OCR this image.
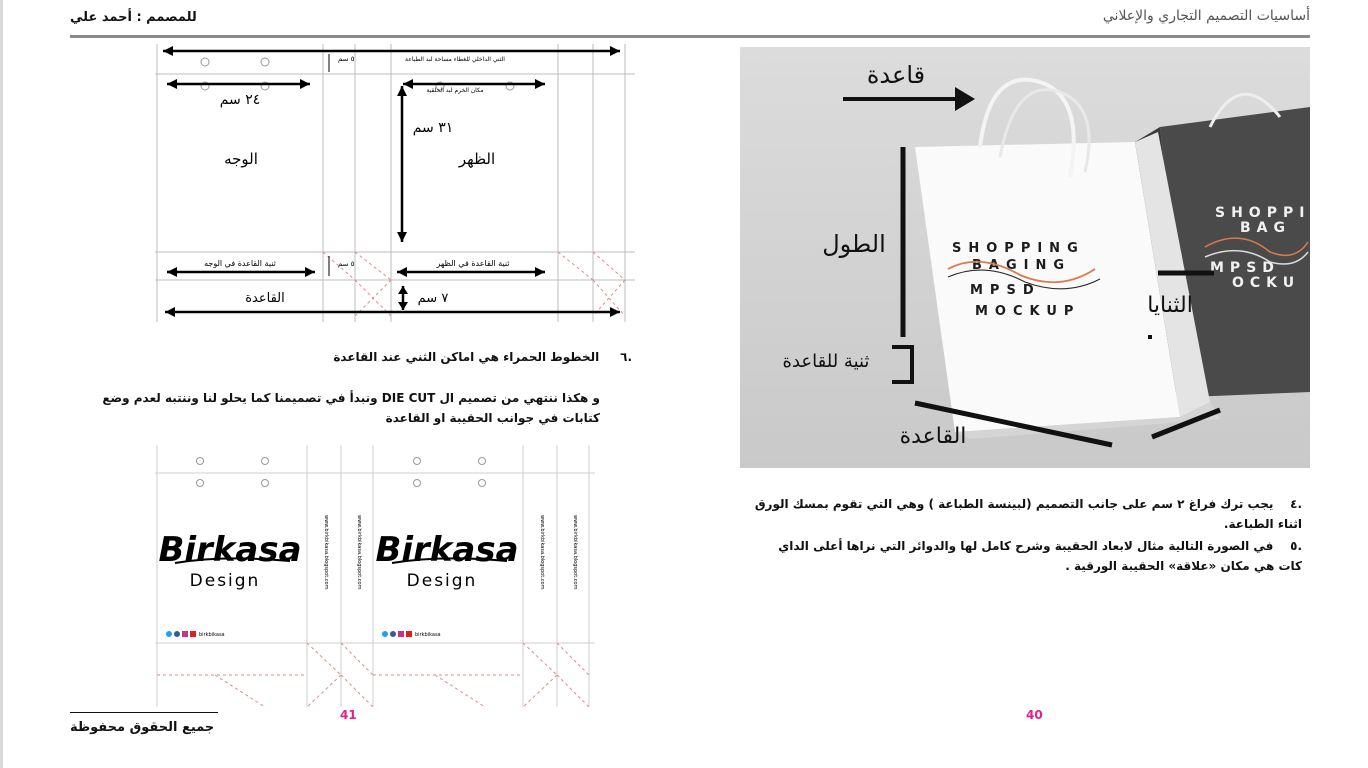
أساسيات التصميم التجاري والإعلاني
للمصمم : أحمد علي
٥ سم	الثني الداخلي للغطاء مساحة لبد الطباعة
مكان الخرم لبد الحلقية
٢٤ سم
٣١ سم
الوجه	الظهر
٥ سم
ثنية القاعدة في الوجه	ثنية القاعدة في الظهر
القاعدة	٧ سم
.٦     الخطوط الحمراء هي اماكن الثني عند القاعدة
و هكذا ننتهي من تصميم ال DIE CUT ونبدأ في تصميمنا كما يحلو لنا وننتبه لعدم وضع كتابات في جوانب الحقيبة او القاعدة
Birkasa
Design
Birkasa
Design
birkbikasa	birkbikasa
www.birkbikasa.blogspot.com	www.birkbikasa.blogspot.com	www.birkbikasa.blogspot.com	www.birkbikasa.blogspot.com
SHOPPI
BAG
MPSD
OCKU
SHOPPING
BAGING
MPSD
MOCKUP
قاعدة
الطول
الثنايا
ثنية للقاعدة
القاعدة
.٤    يجب ترك فراغ ٢ سم على جانب التصميم (لبينسة الطباعة ) وهي التي تقوم بمسك الورق اثناء الطباعة.
.٥    في الصورة التالية مثال لابعاد الحقيبة وشرح كامل لها والدوائر التي نراها أعلى الداي كات هي مكان «علاقة» الحقيبة الورقية .
41	40
جميع الحقوق محفوظة
